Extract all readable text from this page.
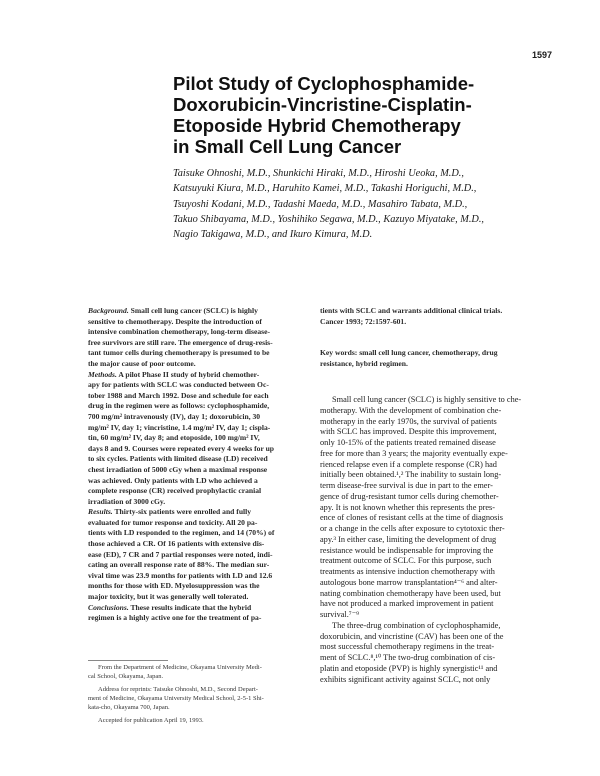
1597
Pilot Study of Cyclophosphamide-
Doxorubicin-Vincristine-Cisplatin-
Etoposide Hybrid Chemotherapy
in Small Cell Lung Cancer
Taisuke Ohnoshi, M.D., Shunkichi Hiraki, M.D., Hiroshi Ueoka, M.D.,
Katsuyuki Kiura, M.D., Haruhito Kamei, M.D., Takashi Horiguchi, M.D.,
Tsuyoshi Kodani, M.D., Tadashi Maeda, M.D., Masahiro Tabata, M.D.,
Takuo Shibayama, M.D., Yoshihiko Segawa, M.D., Kazuyo Miyatake, M.D.,
Nagio Takigawa, M.D., and Ikuro Kimura, M.D.
Background. Small cell lung cancer (SCLC) is highly
sensitive to chemotherapy. Despite the introduction of
intensive combination chemotherapy, long-term disease-
free survivors are still rare. The emergence of drug-resis-
tant tumor cells during chemotherapy is presumed to be
the major cause of poor outcome.
Methods. A pilot Phase II study of hybrid chemother-
apy for patients with SCLC was conducted between Oc-
tober 1988 and March 1992. Dose and schedule for each
drug in the regimen were as follows: cyclophosphamide,
700 mg/m² intravenously (IV), day 1; doxorubicin, 30
mg/m² IV, day 1; vincristine, 1.4 mg/m² IV, day 1; cispla-
tin, 60 mg/m² IV, day 8; and etoposide, 100 mg/m² IV,
days 8 and 9. Courses were repeated every 4 weeks for up
to six cycles. Patients with limited disease (LD) received
chest irradiation of 5000 cGy when a maximal response
was achieved. Only patients with LD who achieved a
complete response (CR) received prophylactic cranial
irradiation of 3000 cGy.
Results. Thirty-six patients were enrolled and fully
evaluated for tumor response and toxicity. All 20 pa-
tients with LD responded to the regimen, and 14 (70%) of
those achieved a CR. Of 16 patients with extensive dis-
ease (ED), 7 CR and 7 partial responses were noted, indi-
cating an overall response rate of 88%. The median sur-
vival time was 23.9 months for patients with LD and 12.6
months for those with ED. Myelosuppression was the
major toxicity, but it was generally well tolerated.
Conclusions. These results indicate that the hybrid
regimen is a highly active one for the treatment of pa-
tients with SCLC and warrants additional clinical trials.
Cancer 1993; 72:1597-601.
Key words: small cell lung cancer, chemotherapy, drug
resistance, hybrid regimen.
Small cell lung cancer (SCLC) is highly sensitive to che-
motherapy. With the development of combination che-
motherapy in the early 1970s, the survival of patients
with SCLC has improved. Despite this improvement,
only 10-15% of the patients treated remained disease
free for more than 3 years; the majority eventually expe-
rienced relapse even if a complete response (CR) had
initially been obtained.¹,² The inability to sustain long-
term disease-free survival is due in part to the emer-
gence of drug-resistant tumor cells during chemother-
apy. It is not known whether this represents the pres-
ence of clones of resistant cells at the time of diagnosis
or a change in the cells after exposure to cytotoxic ther-
apy.³ In either case, limiting the development of drug
resistance would be indispensable for improving the
treatment outcome of SCLC. For this purpose, such
treatments as intensive induction chemotherapy with
autologous bone marrow transplantation⁴⁻⁶ and alter-
nating combination chemotherapy have been used, but
have not produced a marked improvement in patient
survival.⁷⁻⁹
The three-drug combination of cyclophosphamide,
doxorubicin, and vincristine (CAV) has been one of the
most successful chemotherapy regimens in the treat-
ment of SCLC.⁸,¹⁰ The two-drug combination of cis-
platin and etoposide (PVP) is highly synergistic¹¹ and
exhibits significant activity against SCLC, not only
From the Department of Medicine, Okayama University Medi-
cal School, Okayama, Japan.
Address for reprints: Taisuke Ohnoshi, M.D., Second Depart-
ment of Medicine, Okayama University Medical School, 2-5-1 Shi-
kata-cho, Okayama 700, Japan.
Accepted for publication April 19, 1993.
